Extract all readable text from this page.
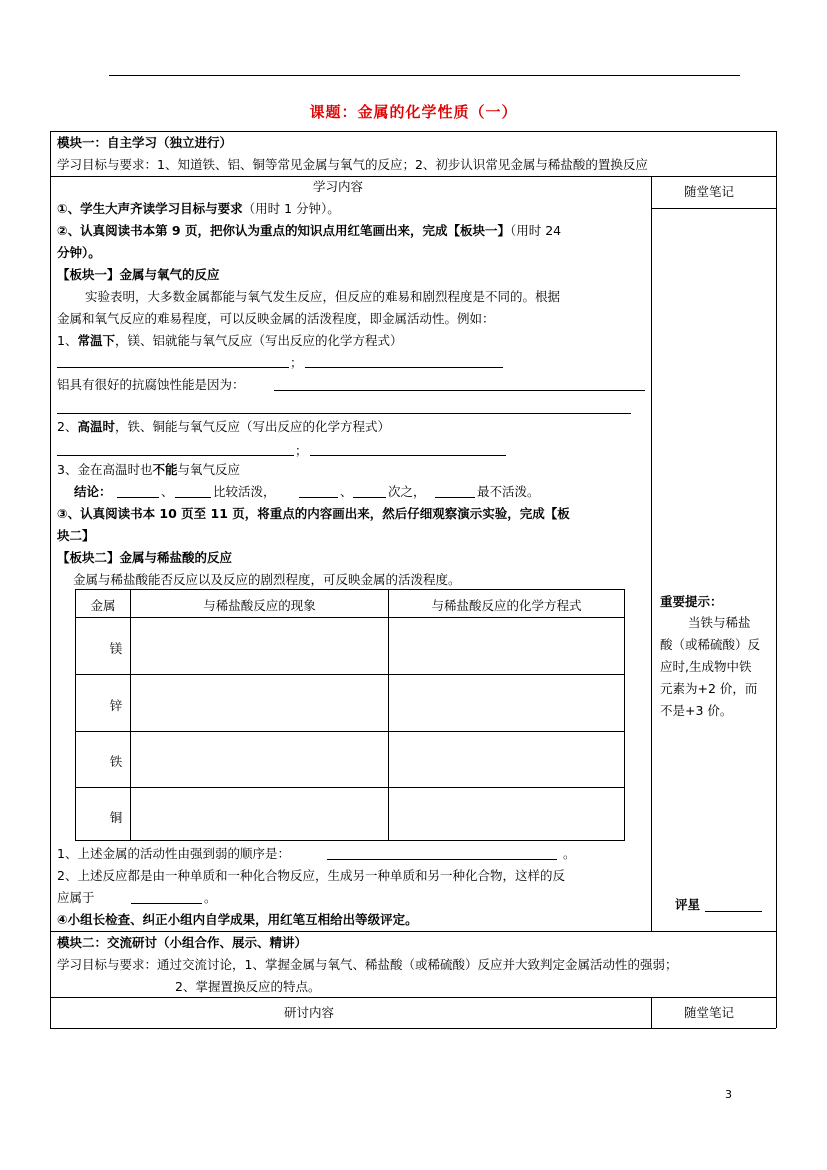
课题：金属的化学性质（一）
模块一：自主学习（独立进行）
学习目标与要求：1、知道铁、铝、铜等常见金属与氧气的反应；2、初步认识常见金属与稀盐酸的置换反应
学习内容	随堂笔记
①、学生大声齐读学习目标与要求（用时 1 分钟）。
②、认真阅读书本第 9 页，把你认为重点的知识点用红笔画出来，完成【板块一】（用时 24
分钟）。
【板块一】金属与氧气的反应
实验表明，大多数金属都能与氧气发生反应，但反应的难易和剧烈程度是不同的。根据
金属和氧气反应的难易程度，可以反映金属的活泼程度，即金属活动性。例如：
1、常温下，镁、铝就能与氧气反应（写出反应的化学方程式）
；
铝具有很好的抗腐蚀性能是因为：
2、高温时，铁、铜能与氧气反应（写出反应的化学方程式）
；
3、金在高温时也不能与氧气反应
结论：	、	比较活泼，	、	次之，	最不活泼。
③、认真阅读书本 10 页至 11 页，将重点的内容画出来，然后仔细观察演示实验，完成【板
块二】
【板块二】金属与稀盐酸的反应
金属与稀盐酸能否反应以及反应的剧烈程度，可反映金属的活泼程度。
金属	与稀盐酸反应的现象	与稀盐酸反应的化学方程式
镁
锌
铁
铜
1、上述金属的活动性由强到弱的顺序是：	。
2、上述反应都是由一种单质和一种化合物反应，生成另一种单质和另一种化合物，这样的反
应属于	。
④小组长检查、纠正小组内自学成果，用红笔互相给出等级评定。
重要提示：
当铁与稀盐
酸（或稀硫酸）反
应时,生成物中铁
元素为+2 价，而
不是+3 价。
评星
模块二：交流研讨（小组合作、展示、精讲）
学习目标与要求：通过交流讨论，1、掌握金属与氧气、稀盐酸（或稀硫酸）反应并大致判定金属活动性的强弱；
2、掌握置换反应的特点。
研讨内容	随堂笔记
3
